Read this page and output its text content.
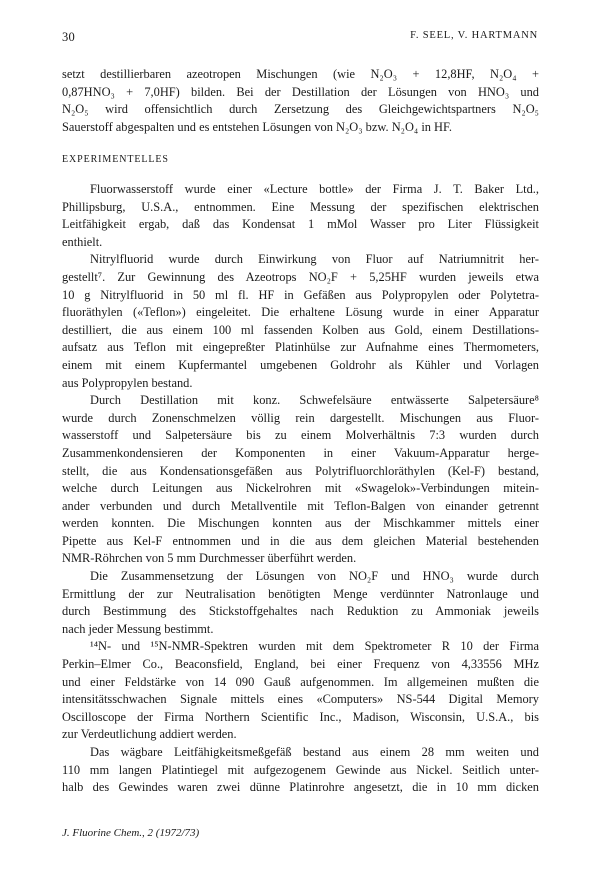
30	F. SEEL, V. HARTMANN
setzt destillierbaren azeotropen Mischungen (wie N₂O₃ + 12,8HF, N₂O₄ +
0,87HNO₃ + 7,0HF) bilden. Bei der Destillation der Lösungen von HNO₃ und
N₂O₅ wird offensichtlich durch Zersetzung des Gleichgewichtspartners N₂O₅
Sauerstoff abgespalten und es entstehen Lösungen von N₂O₃ bzw. N₂O₄ in HF.
EXPERIMENTELLES
Fluorwasserstoff wurde einer «Lecture bottle» der Firma J. T. Baker Ltd.,
Phillipsburg, U.S.A., entnommen. Eine Messung der spezifischen elektrischen
Leitfähigkeit ergab, daß das Kondensat 1 mMol Wasser pro Liter Flüssigkeit
enthielt.
Nitrylfluorid wurde durch Einwirkung von Fluor auf Natriumnitrit her-
gestellt⁷. Zur Gewinnung des Azeotrops NO₂F + 5,25HF wurden jeweils etwa
10 g Nitrylfluorid in 50 ml fl. HF in Gefäßen aus Polypropylen oder Polytetra-
fluoräthylen («Teflon») eingeleitet. Die erhaltene Lösung wurde in einer Apparatur
destilliert, die aus einem 100 ml fassenden Kolben aus Gold, einem Destillations-
aufsatz aus Teflon mit eingepreßter Platinhülse zur Aufnahme eines Thermometers,
einem mit einem Kupfermantel umgebenen Goldrohr als Kühler und Vorlagen
aus Polypropylen bestand.
Durch Destillation mit konz. Schwefelsäure entwässerte Salpetersäure⁸
wurde durch Zonenschmelzen völlig rein dargestellt. Mischungen aus Fluor-
wasserstoff und Salpetersäure bis zu einem Molverhältnis 7:3 wurden durch
Zusammenkondensieren der Komponenten in einer Vakuum-Apparatur herge-
stellt, die aus Kondensationsgefäßen aus Polytrifluorchloräthylen (Kel-F) bestand,
welche durch Leitungen aus Nickelrohren mit «Swagelok»-Verbindungen mitein-
ander verbunden und durch Metallventile mit Teflon-Balgen von einander getrennt
werden konnten. Die Mischungen konnten aus der Mischkammer mittels einer
Pipette aus Kel-F entnommen und in die aus dem gleichen Material bestehenden
NMR-Röhrchen von 5 mm Durchmesser überführt werden.
Die Zusammensetzung der Lösungen von NO₂F und HNO₃ wurde durch
Ermittlung der zur Neutralisation benötigten Menge verdünnter Natronlauge und
durch Bestimmung des Stickstoffgehaltes nach Reduktion zu Ammoniak jeweils
nach jeder Messung bestimmt.
¹⁴N- und ¹⁵N-NMR-Spektren wurden mit dem Spektrometer R 10 der Firma
Perkin–Elmer Co., Beaconsfield, England, bei einer Frequenz von 4,33556 MHz
und einer Feldstärke von 14 090 Gauß aufgenommen. Im allgemeinen mußten die
intensitätsschwachen Signale mittels eines «Computers» NS-544 Digital Memory
Oscilloscope der Firma Northern Scientific Inc., Madison, Wisconsin, U.S.A., bis
zur Verdeutlichung addiert werden.
Das wägbare Leitfähigkeitsmeßgefäß bestand aus einem 28 mm weiten und
110 mm langen Platintiegel mit aufgezogenem Gewinde aus Nickel. Seitlich unter-
halb des Gewindes waren zwei dünne Platinrohre angesetzt, die in 10 mm dicken
J. Fluorine Chem., 2 (1972/73)
